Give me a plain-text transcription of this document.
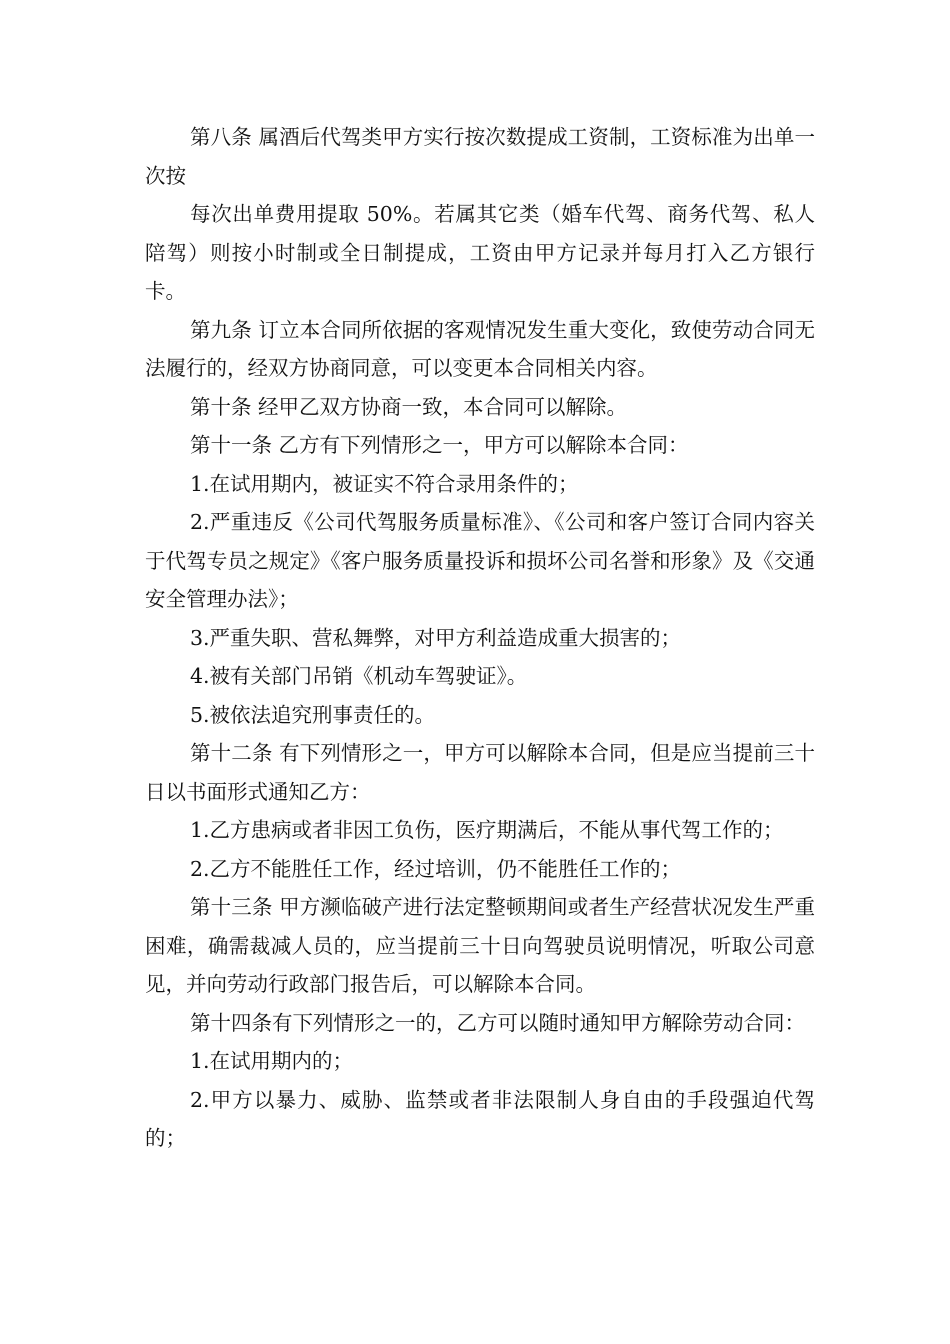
第八条 属酒后代驾类甲方实行按次数提成工资制，工资标准为出单一次按

每次出单费用提取 50%。若属其它类（婚车代驾、商务代驾、私人陪驾）则按小时制或全日制提成，工资由甲方记录并每月打入乙方银行卡。

第九条 订立本合同所依据的客观情况发生重大变化，致使劳动合同无法履行的，经双方协商同意，可以变更本合同相关内容。

第十条 经甲乙双方协商一致，本合同可以解除。

第十一条 乙方有下列情形之一，甲方可以解除本合同：

1.在试用期内，被证实不符合录用条件的；

2.严重违反《公司代驾服务质量标准》、《公司和客户签订合同内容关于代驾专员之规定》《客户服务质量投诉和损坏公司名誉和形象》及《交通安全管理办法》；

3.严重失职、营私舞弊，对甲方利益造成重大损害的；

4.被有关部门吊销《机动车驾驶证》。

5.被依法追究刑事责任的。

第十二条 有下列情形之一，甲方可以解除本合同，但是应当提前三十日以书面形式通知乙方：

1.乙方患病或者非因工负伤，医疗期满后，不能从事代驾工作的；

2.乙方不能胜任工作，经过培训，仍不能胜任工作的；

第十三条 甲方濒临破产进行法定整顿期间或者生产经营状况发生严重困难，确需裁减人员的，应当提前三十日向驾驶员说明情况，听取公司意见，并向劳动行政部门报告后，可以解除本合同。

第十四条有下列情形之一的，乙方可以随时通知甲方解除劳动合同：

1.在试用期内的；

2.甲方以暴力、威胁、监禁或者非法限制人身自由的手段强迫代驾的；
